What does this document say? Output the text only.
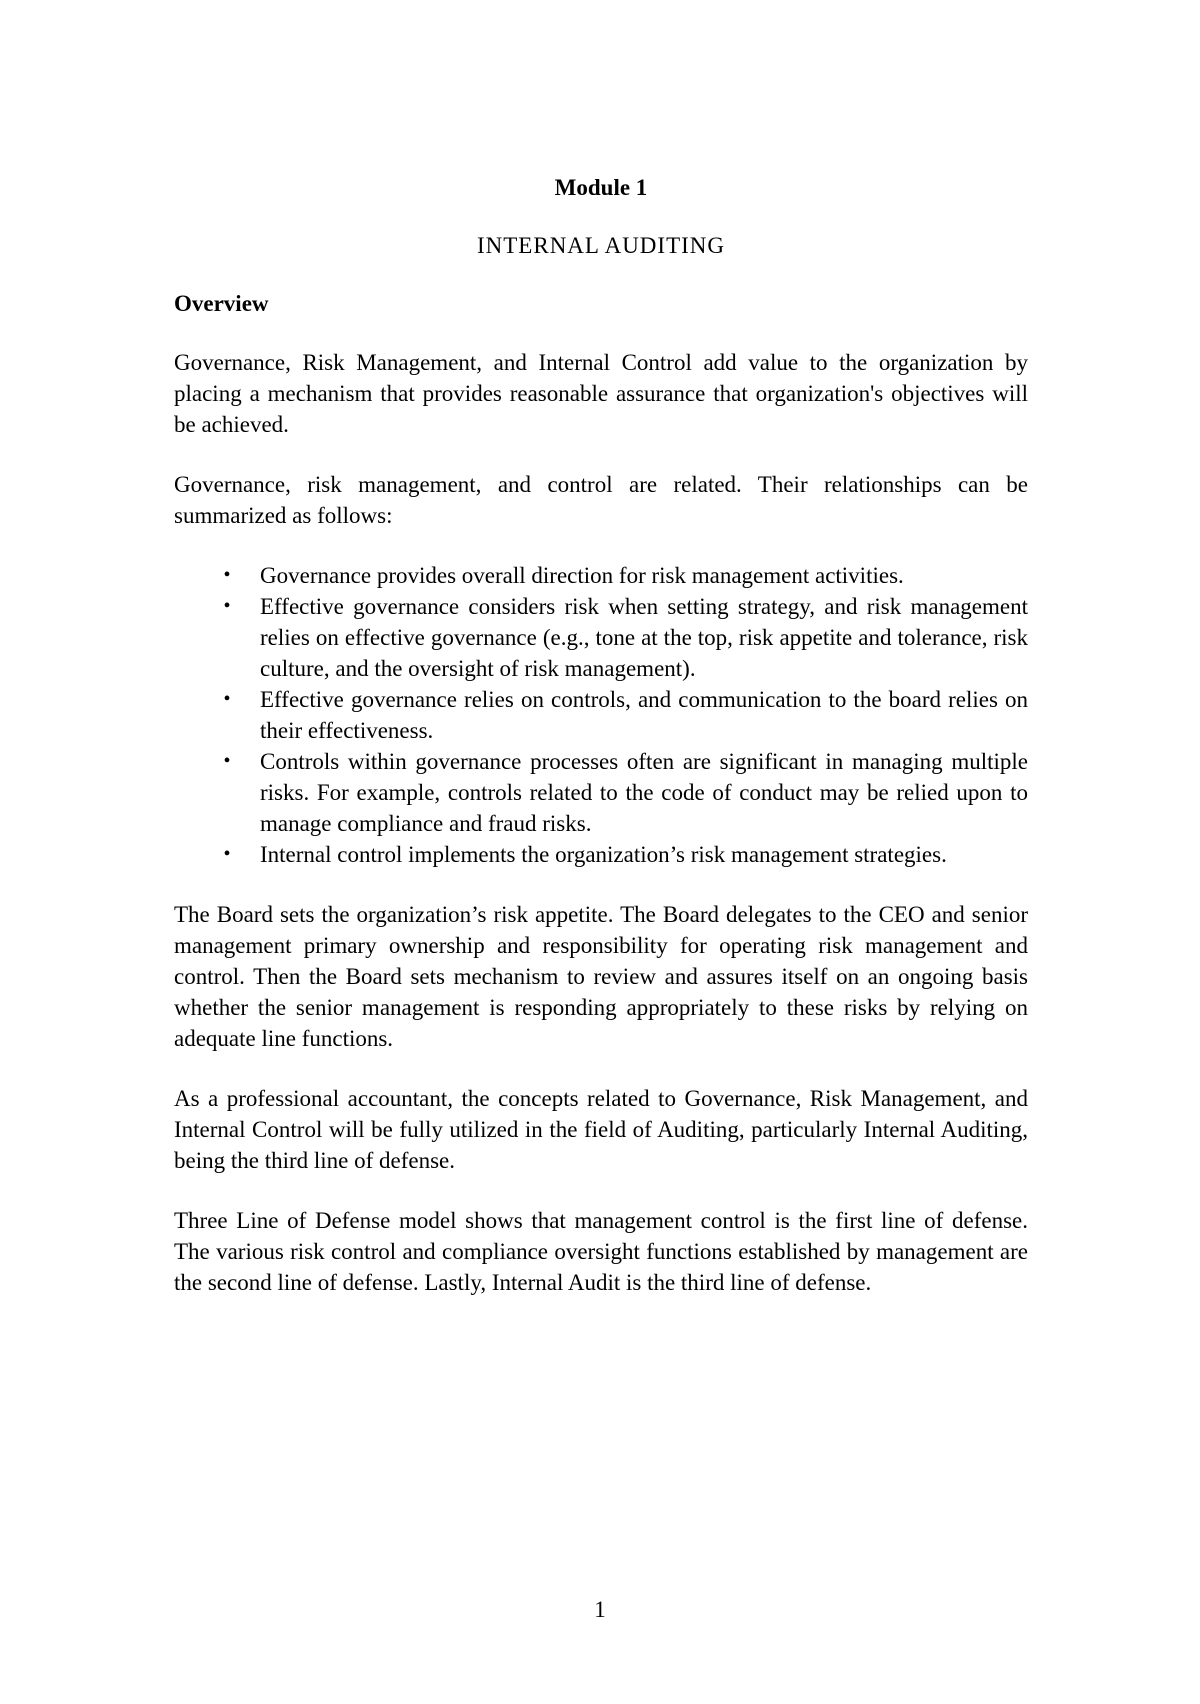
Module 1
INTERNAL AUDITING
Overview

Governance, Risk Management, and Internal Control add value to the organization by placing a mechanism that provides reasonable assurance that organization's objectives will be achieved.

Governance, risk management, and control are related. Their relationships can be summarized as follows:

• Governance provides overall direction for risk management activities.
• Effective governance considers risk when setting strategy, and risk management relies on effective governance (e.g., tone at the top, risk appetite and tolerance, risk culture, and the oversight of risk management).
• Effective governance relies on controls, and communication to the board relies on their effectiveness.
• Controls within governance processes often are significant in managing multiple risks. For example, controls related to the code of conduct may be relied upon to manage compliance and fraud risks.
• Internal control implements the organization’s risk management strategies.

The Board sets the organization’s risk appetite. The Board delegates to the CEO and senior management primary ownership and responsibility for operating risk management and control. Then the Board sets mechanism to review and assures itself on an ongoing basis whether the senior management is responding appropriately to these risks by relying on adequate line functions.

As a professional accountant, the concepts related to Governance, Risk Management, and Internal Control will be fully utilized in the field of Auditing, particularly Internal Auditing, being the third line of defense.

Three Line of Defense model shows that management control is the first line of defense. The various risk control and compliance oversight functions established by management are the second line of defense. Lastly, Internal Audit is the third line of defense.

1
